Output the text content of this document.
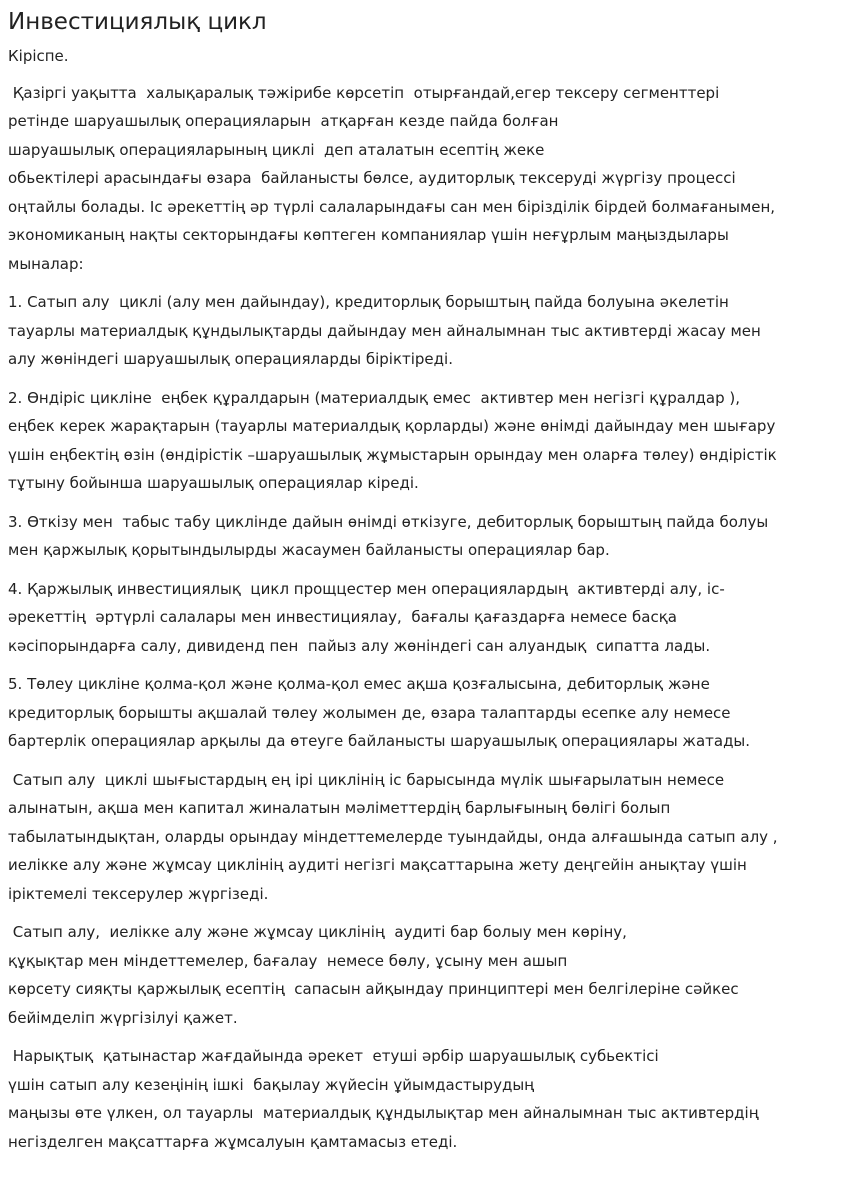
Инвестициялық цикл

Кіріспе.

Қазіргі уақытта  халықаралық тәжірибе көрсетіп  отырғандай,егер тексеру сегменттері
ретінде шаруашылық операцияларын  атқарған кезде пайда болған
шаруашылық операцияларының циклі  деп аталатын есептің жеке
обьектілері арасындағы өзара  байланысты бөлсе, аудиторлық тексеруді жүргізу процессі
оңтайлы болады. Іс әрекеттің әр түрлі салаларындағы сан мен біріздiлік бірдей болмағанымен,
экономиканың нақты секторындағы көптеген компаниялар үшін неғұрлым маңыздылары
мыналар:

1. Сатып алу  циклі (алу мен дайындау), кредиторлық борыштың пайда болуына әкелетін
тауарлы материалдық құндылықтарды дайындау мен айналымнан тыс активтерді жасау мен
алу жөніндегі шаруашылық операцияларды біріктіреді.

2. Өндіріс цикліне  еңбек құралдарын (материалдық емес  активтер мен негізгі құралдар ),
еңбек керек жарақтарын (тауарлы материалдық қорларды) және өнімді дайындау мен шығару
үшін еңбектің өзін (өндірістік –шаруашылық жұмыстарын орындау мен оларға төлеу) өндірістік
тұтыну бойынша шаруашылық операциялар кіреді.

3. Өткізу мен  табыс табу циклінде дайын өнімді өткізуге, дебиторлық борыштың пайда болуы
мен қаржылық қорытындылырды жасаумен байланысты операциялар бар.

4. Қаржылық инвестициялық  цикл прощцестер мен операциялардың  активтерді алу, іс-
әрекеттің  әртүрлі салалары мен инвестициялау,  бағалы қағаздарға немесе басқа
кәсіпорындарға салу, дивиденд пен  пайыз алу жөніндегі сан алуандық  сипатта лады.

5. Төлеу цикліне қолма-қол және қолма-қол емес ақша қозғалысына, дебиторлық және
кредиторлық борышты ақшалай төлеу жолымен де, өзара талаптарды есепке алу немесе
бартерлік операциялар арқылы да өтеуге байланысты шаруашылық операциялары жатады.

Сатып алу  циклі шығыстардың ең ірі циклінің іс барысында мүлік шығарылатын немесе
алынатын, ақша мен капитал жиналатын мәліметтердің барлығының бөлігі болып
табылатындықтан, оларды орындау міндеттемелерде туындайды, онда алғашында сатып алу ,
иелікке алу және жұмсау циклінің аудиті негізгі мақсаттарына жету деңгейін анықтау үшін
іріктемелі тексерулер жүргізеді.

Сатып алу,  иелікке алу және жұмсау циклінің  аудиті бар болыу мен көріну,
құқықтар мен міндеттемелер, бағалау  немесе бөлу, ұсыну мен ашып
көрсету сияқты қаржылық есептің  сапасын айқындау принциптері мен белгілеріне сәйкес
бейімделіп жүргізілуі қажет.

Нарықтық  қатынастар жағдайында әрекет  етуші әрбір шаруашылық субьектісі
үшін сатып алу кезеңінің ішкі  бақылау жүйесін ұйымдастырудың
маңызы өте үлкен, ол тауарлы  материалдық құндылықтар мен айналымнан тыс активтердің
негізделген мақсаттарға жұмсалуын қамтамасыз етеді.
